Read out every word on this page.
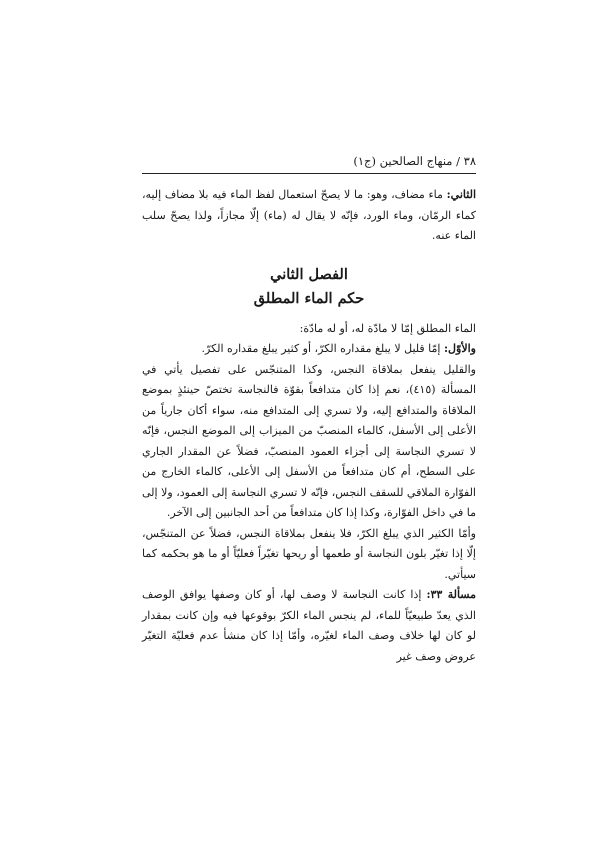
٣٨ / منهاج الصالحين (ج١)

الثاني: ماء مضاف، وهو: ما لا يصحّ استعمال لفظ الماء فيه بلا مضاف إليه، كماء الرمّان، وماء الورد، فإنّه لا يقال له (ماء) إلّا مجازاً، ولذا يصحّ سلب الماء عنه.

الفصل الثاني
حكم الماء المطلق

الماء المطلق إمّا لا مادّة له، أو له مادّة:

والأوّل: إمّا قليل لا يبلغ مقداره الكرّ، أو كثير يبلغ مقداره الكرّ.

والقليل ينفعل بملاقاة النجس، وكذا المتنجّس على تفصيل يأتي في المسألة (٤١٥)، نعم إذا كان متدافعاً بقوّة فالنجاسة تختصّ حينئذٍ بموضع الملاقاة والمتدافع إليه، ولا تسري إلى المتدافع منه، سواء أكان جارياً من الأعلى إلى الأسفل، كالماء المنصبّ من الميزاب إلى الموضع النجس، فإنّه لا تسري النجاسة إلى أجزاء العمود المنصبّ، فضلاً عن المقدار الجاري على السطح، أم كان متدافعاً من الأسفل إلى الأعلى، كالماء الخارج من الفوّارة الملاقي للسقف النجس، فإنّه لا تسري النجاسة إلى العمود، ولا إلى ما في داخل الفوّارة، وكذا إذا كان متدافعاً من أحد الجانبين إلى الآخر.

وأمّا الكثير الذي يبلغ الكرّ، فلا ينفعل بملاقاة النجس، فضلاً عن المتنجّس، إلّا إذا تغيّر بلون النجاسة أو طعمها أو ريحها تغيّراً فعليّاً أو ما هو بحكمه كما سيأتي.

مسألة ٣٣: إذا كانت النجاسة لا وصف لها، أو كان وصفها يوافق الوصف الذي يعدّ طبيعيّاً للماء، لم ينجس الماء الكرّ بوقوعها فيه وإن كانت بمقدار لو كان لها خلاف وصف الماء لغيّره، وأمّا إذا كان منشأ عدم فعليّة التغيّر عروض وصف غير
